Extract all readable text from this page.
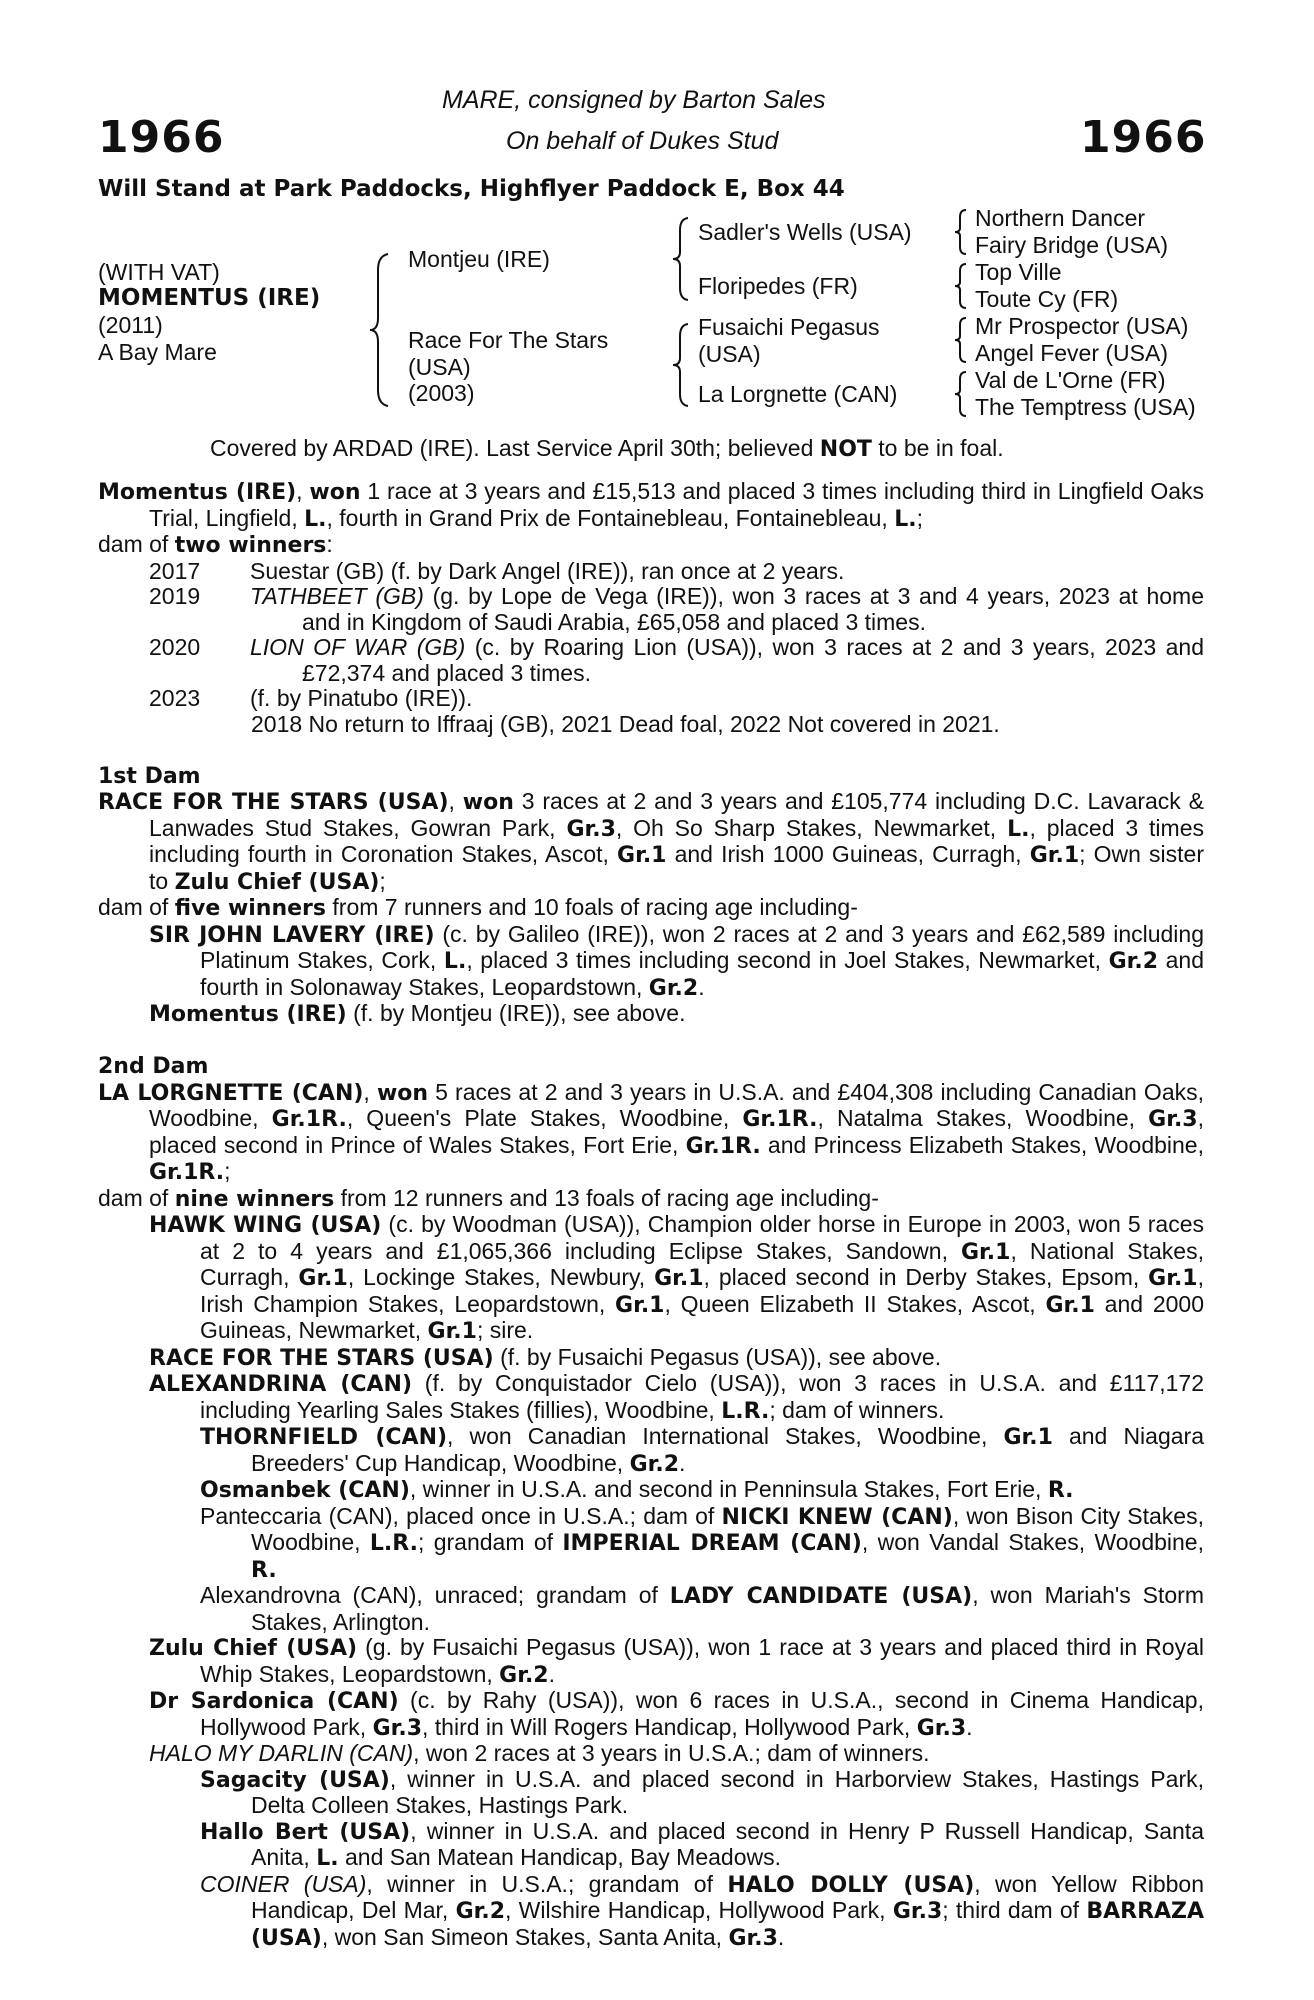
1966	1966
MARE, consigned by Barton Sales
On behalf of Dukes Stud
Will Stand at Park Paddocks, Highflyer Paddock E, Box 44
(WITH VAT)
MOMENTUS (IRE)
(2011)
A Bay Mare
Montjeu (IRE)
Race For The Stars
(USA)
(2003)
Sadler's Wells (USA)
Floripedes (FR)
Fusaichi Pegasus
(USA)
La Lorgnette (CAN)
Northern Dancer
Fairy Bridge (USA)
Top Ville
Toute Cy (FR)
Mr Prospector (USA)
Angel Fever (USA)
Val de L'Orne (FR)
The Temptress (USA)
Covered by ARDAD (IRE). Last Service April 30th; believed NOT to be in foal.

Momentus (IRE), won 1 race at 3 years and £15,513 and placed 3 times including third in Lingfield Oaks Trial, Lingfield, L., fourth in Grand Prix de Fontainebleau, Fontainebleau, L.;

dam of two winners:

2017 Suestar (GB) (f. by Dark Angel (IRE)), ran once at 2 years.

2019 TATHBEET (GB) (g. by Lope de Vega (IRE)), won 3 races at 3 and 4 years, 2023 at home and in Kingdom of Saudi Arabia, £65,058 and placed 3 times.

2020 LION OF WAR (GB) (c. by Roaring Lion (USA)), won 3 races at 2 and 3 years, 2023 and £72,374 and placed 3 times.

2023 (f. by Pinatubo (IRE)).

2018 No return to Iffraaj (GB), 2021 Dead foal, 2022 Not covered in 2021.

1st Dam

RACE FOR THE STARS (USA), won 3 races at 2 and 3 years and £105,774 including D.C. Lavarack & Lanwades Stud Stakes, Gowran Park, Gr.3, Oh So Sharp Stakes, Newmarket, L., placed 3 times including fourth in Coronation Stakes, Ascot, Gr.1 and Irish 1000 Guineas, Curragh, Gr.1; Own sister to Zulu Chief (USA);

dam of five winners from 7 runners and 10 foals of racing age including-

SIR JOHN LAVERY (IRE) (c. by Galileo (IRE)), won 2 races at 2 and 3 years and £62,589 including Platinum Stakes, Cork, L., placed 3 times including second in Joel Stakes, Newmarket, Gr.2 and fourth in Solonaway Stakes, Leopardstown, Gr.2.

Momentus (IRE) (f. by Montjeu (IRE)), see above.

2nd Dam

LA LORGNETTE (CAN), won 5 races at 2 and 3 years in U.S.A. and £404,308 including Canadian Oaks, Woodbine, Gr.1R., Queen's Plate Stakes, Woodbine, Gr.1R., Natalma Stakes, Woodbine, Gr.3, placed second in Prince of Wales Stakes, Fort Erie, Gr.1R. and Princess Elizabeth Stakes, Woodbine, Gr.1R.;

dam of nine winners from 12 runners and 13 foals of racing age including-

HAWK WING (USA) (c. by Woodman (USA)), Champion older horse in Europe in 2003, won 5 races at 2 to 4 years and £1,065,366 including Eclipse Stakes, Sandown, Gr.1, National Stakes, Curragh, Gr.1, Lockinge Stakes, Newbury, Gr.1, placed second in Derby Stakes, Epsom, Gr.1, Irish Champion Stakes, Leopardstown, Gr.1, Queen Elizabeth II Stakes, Ascot, Gr.1 and 2000 Guineas, Newmarket, Gr.1; sire.

RACE FOR THE STARS (USA) (f. by Fusaichi Pegasus (USA)), see above.

ALEXANDRINA (CAN) (f. by Conquistador Cielo (USA)), won 3 races in U.S.A. and £117,172 including Yearling Sales Stakes (fillies), Woodbine, L.R.; dam of winners.

THORNFIELD (CAN), won Canadian International Stakes, Woodbine, Gr.1 and Niagara Breeders' Cup Handicap, Woodbine, Gr.2.

Osmanbek (CAN), winner in U.S.A. and second in Penninsula Stakes, Fort Erie, R.

Panteccaria (CAN), placed once in U.S.A.; dam of NICKI KNEW (CAN), won Bison City Stakes, Woodbine, L.R.; grandam of IMPERIAL DREAM (CAN), won Vandal Stakes, Woodbine, R.

Alexandrovna (CAN), unraced; grandam of LADY CANDIDATE (USA), won Mariah's Storm Stakes, Arlington.

Zulu Chief (USA) (g. by Fusaichi Pegasus (USA)), won 1 race at 3 years and placed third in Royal Whip Stakes, Leopardstown, Gr.2.

Dr Sardonica (CAN) (c. by Rahy (USA)), won 6 races in U.S.A., second in Cinema Handicap, Hollywood Park, Gr.3, third in Will Rogers Handicap, Hollywood Park, Gr.3.

HALO MY DARLIN (CAN), won 2 races at 3 years in U.S.A.; dam of winners.

Sagacity (USA), winner in U.S.A. and placed second in Harborview Stakes, Hastings Park, Delta Colleen Stakes, Hastings Park.

Hallo Bert (USA), winner in U.S.A. and placed second in Henry P Russell Handicap, Santa Anita, L. and San Matean Handicap, Bay Meadows.

COINER (USA), winner in U.S.A.; grandam of HALO DOLLY (USA), won Yellow Ribbon Handicap, Del Mar, Gr.2, Wilshire Handicap, Hollywood Park, Gr.3; third dam of BARRAZA (USA), won San Simeon Stakes, Santa Anita, Gr.3.
